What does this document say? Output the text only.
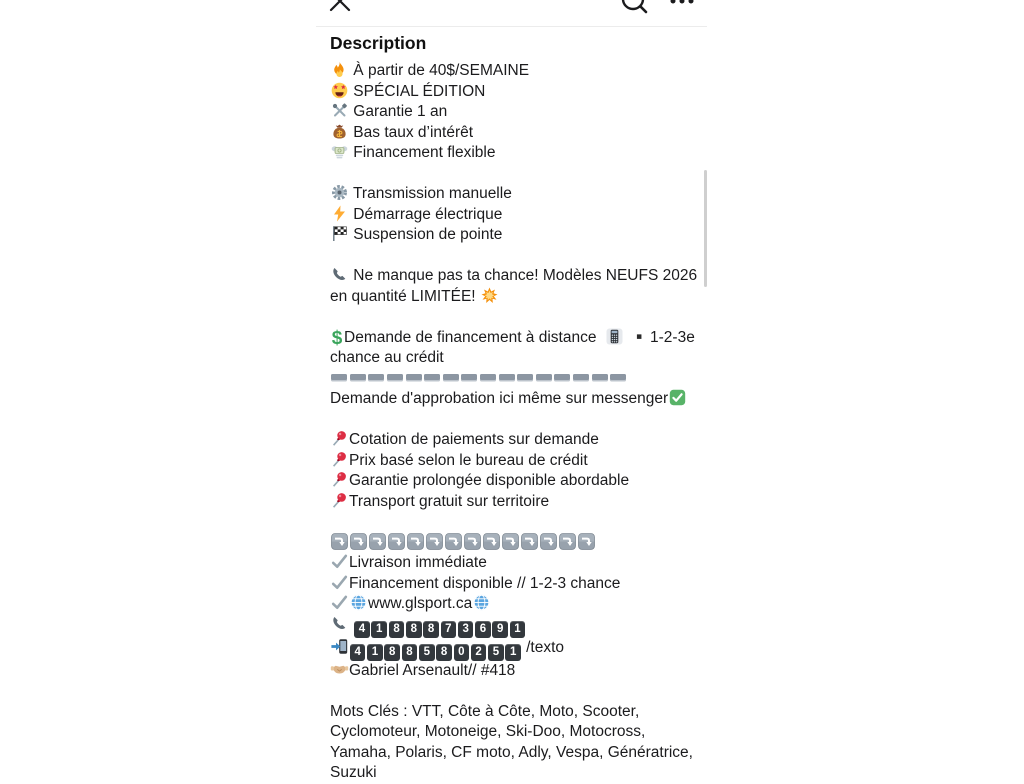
Description
À partir de 40$/SEMAINE
SPÉCIAL ÉDITION
Garantie 1 an
Bas taux d’intérêt
Financement flexible
Transmission manuelle
Démarrage électrique
Suspension de pointe
Ne manque pas ta chance! Modèles NEUFS 2026
en quantité LIMITÉE!
$ Demande de financement à distance
	1-2-3e
chance au crédit
Demande d'approbation ici même sur messenger
Cotation de paiements sur demande
Prix basé selon le bureau de crédit
Garantie prolongée disponible abordable
Transport gratuit sur territoire
Livraison immédiate
Financement disponible // 1-2-3 chance
www.glsport.ca
4 1 8 8 8 7 3 6 9 1
4 1 8 8 5 8 0 2 5 1 /texto
Gabriel Arsenault// #418
Mots Clés : VTT, Côte à Côte, Moto, Scooter,
Cyclomoteur, Motoneige, Ski-Doo, Motocross,
Yamaha, Polaris, CF moto, Adly, Vespa, Génératrice,
Suzuki
